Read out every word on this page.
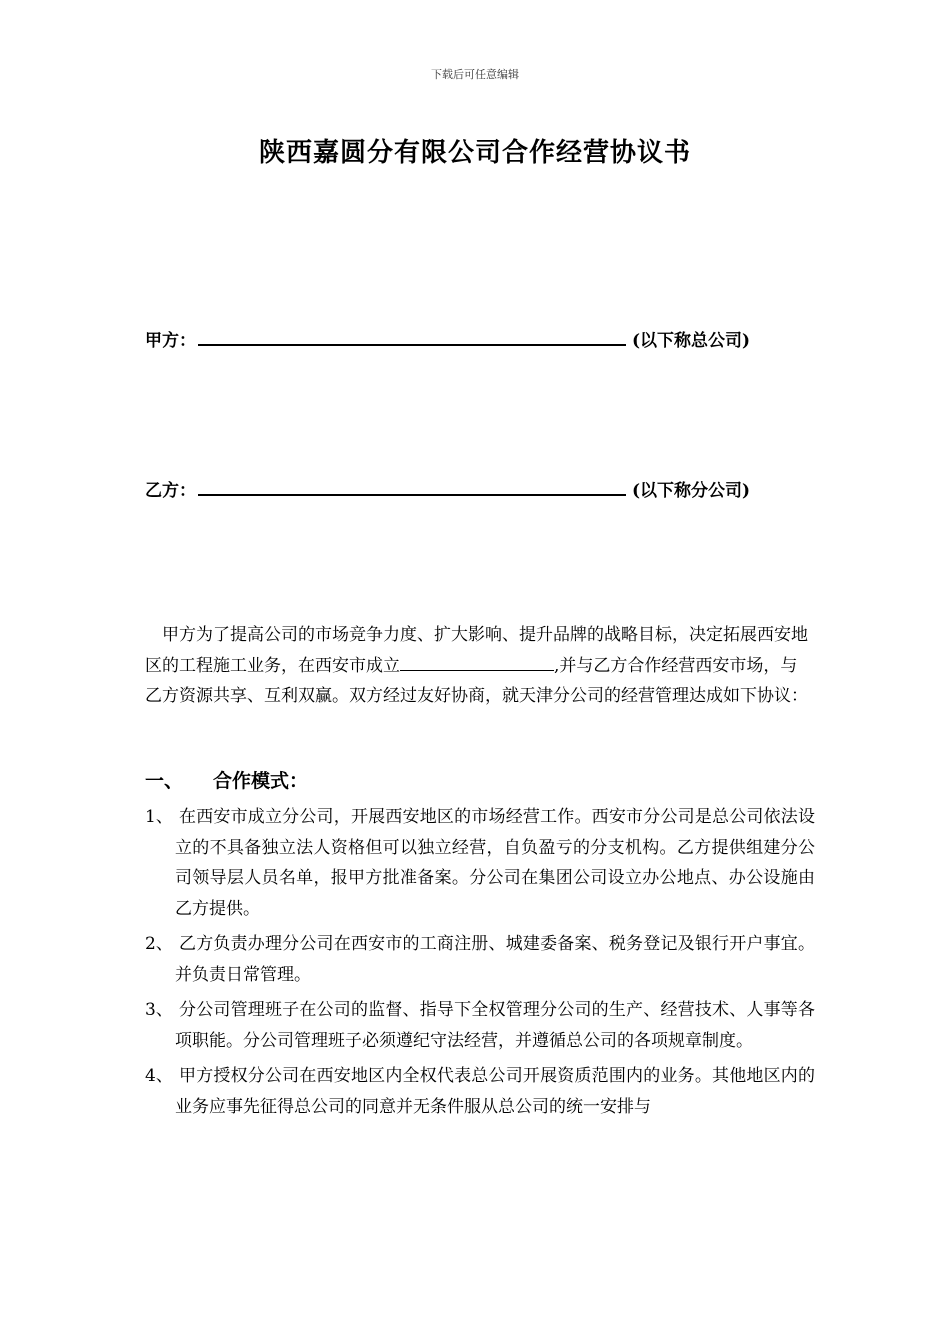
下载后可任意编辑
陕西嘉圆分有限公司合作经营协议书
甲方：	(以下称总公司)
乙方：	(以下称分公司)

甲方为了提高公司的市场竞争力度、扩大影响、提升品牌的战略目标，决定拓展西安地区的工程施工业务，在西安市成立	,并与乙方合作经营西安市场，与乙方资源共享、互利双赢。双方经过友好协商，就天津分公司的经营管理达成如下协议：

一、 合作模式：
1、 在西安市成立分公司，开展西安地区的市场经营工作。西安市分公司是总公司依法设立的不具备独立法人资格但可以独立经营，自负盈亏的分支机构。乙方提供组建分公司领导层人员名单，报甲方批准备案。分公司在集团公司设立办公地点、办公设施由乙方提供。
2、 乙方负责办理分公司在西安市的工商注册、城建委备案、税务登记及银行开户事宜。并负责日常管理。
3、 分公司管理班子在公司的监督、指导下全权管理分公司的生产、经营技术、人事等各项职能。分公司管理班子必须遵纪守法经营，并遵循总公司的各项规章制度。
4、 甲方授权分公司在西安地区内全权代表总公司开展资质范围内的业务。其他地区内的业务应事先征得总公司的同意并无条件服从总公司的统一安排与
